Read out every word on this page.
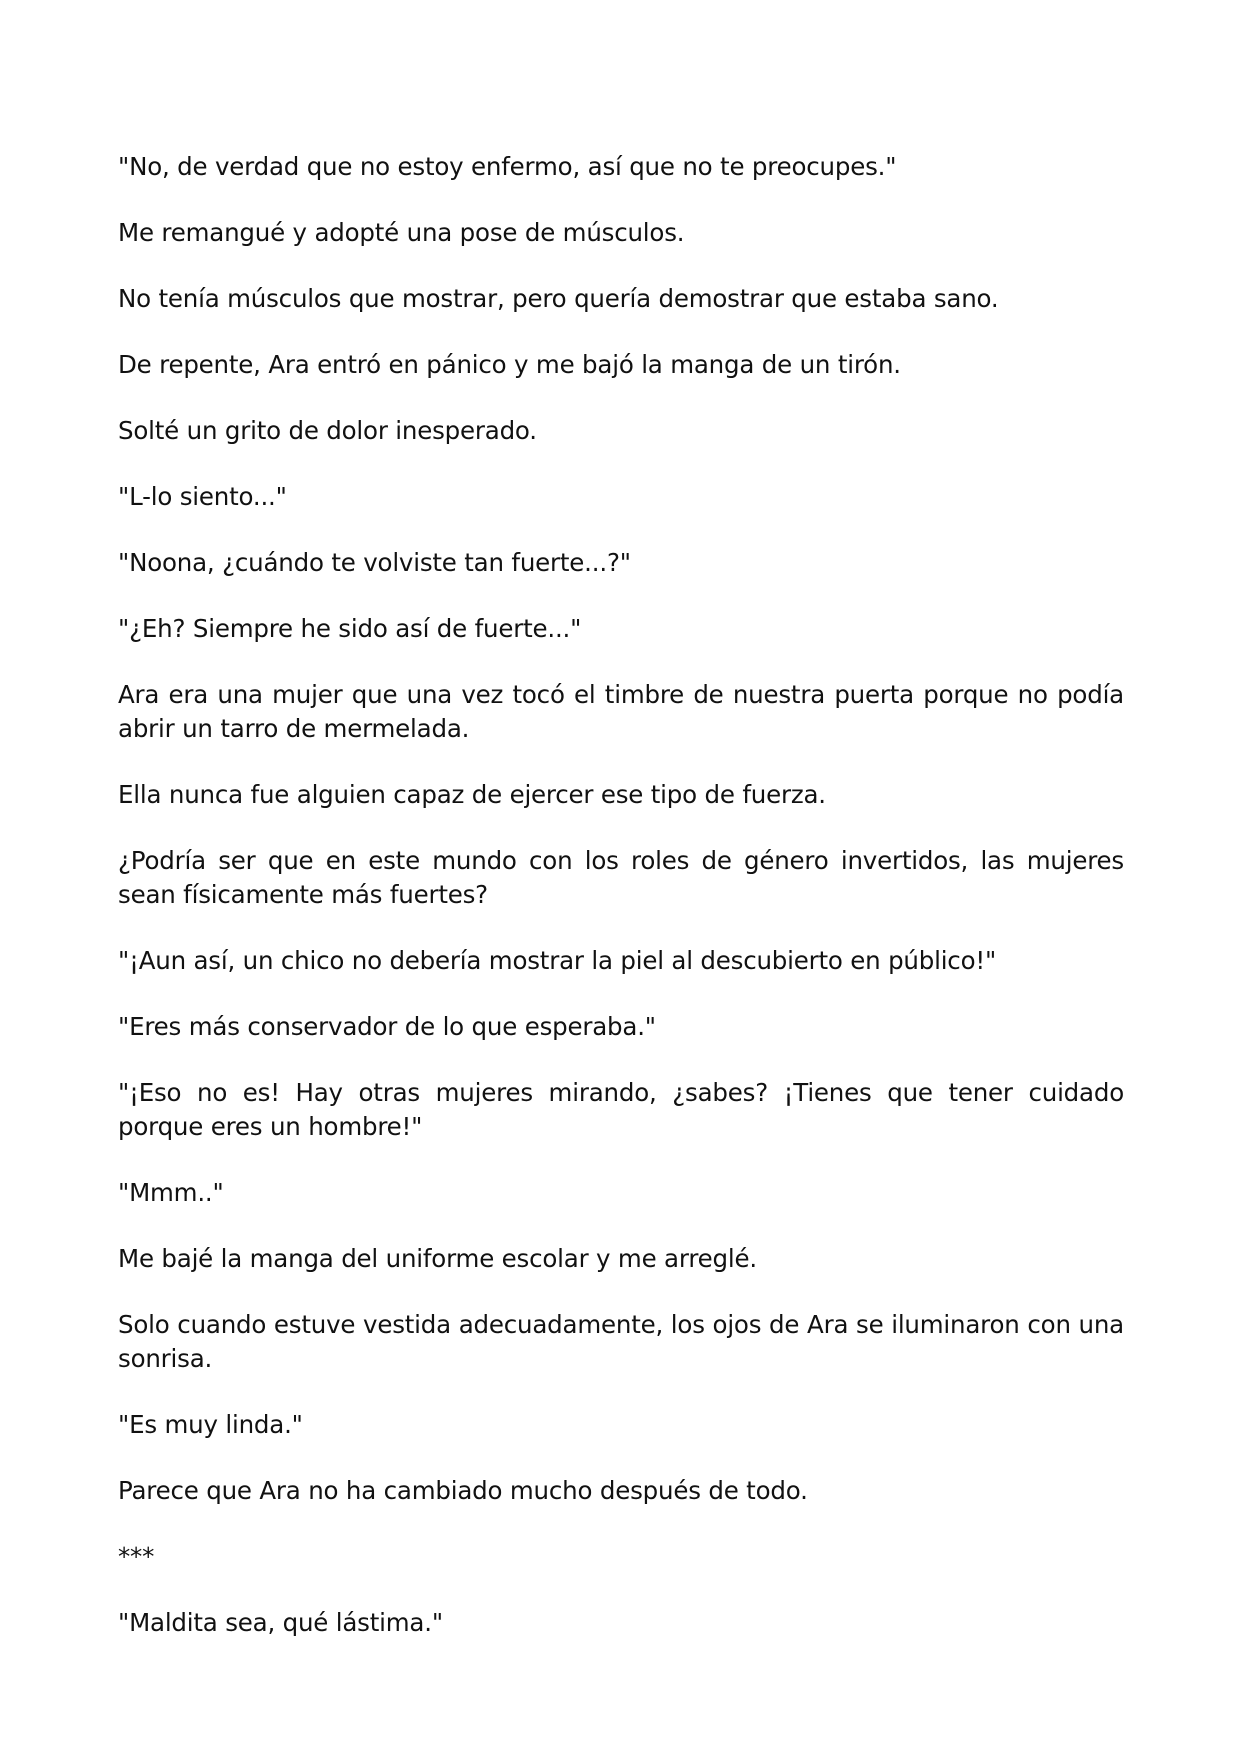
"No, de verdad que no estoy enfermo, así que no te preocupes."

Me remangué y adopté una pose de músculos.

No tenía músculos que mostrar, pero quería demostrar que estaba sano.

De repente, Ara entró en pánico y me bajó la manga de un tirón.

Solté un grito de dolor inesperado.

"L-lo siento..."

"Noona, ¿cuándo te volviste tan fuerte...?"

"¿Eh? Siempre he sido así de fuerte..."

Ara era una mujer que una vez tocó el timbre de nuestra puerta porque no podía abrir un tarro de mermelada.

Ella nunca fue alguien capaz de ejercer ese tipo de fuerza.

¿Podría ser que en este mundo con los roles de género invertidos, las mujeres sean físicamente más fuertes?

"¡Aun así, un chico no debería mostrar la piel al descubierto en público!"

"Eres más conservador de lo que esperaba."

"¡Eso no es! Hay otras mujeres mirando, ¿sabes? ¡Tienes que tener cuidado porque eres un hombre!"

"Mmm.."

Me bajé la manga del uniforme escolar y me arreglé.

Solo cuando estuve vestida adecuadamente, los ojos de Ara se iluminaron con una sonrisa.

"Es muy linda."

Parece que Ara no ha cambiado mucho después de todo.

***

"Maldita sea, qué lástima."
